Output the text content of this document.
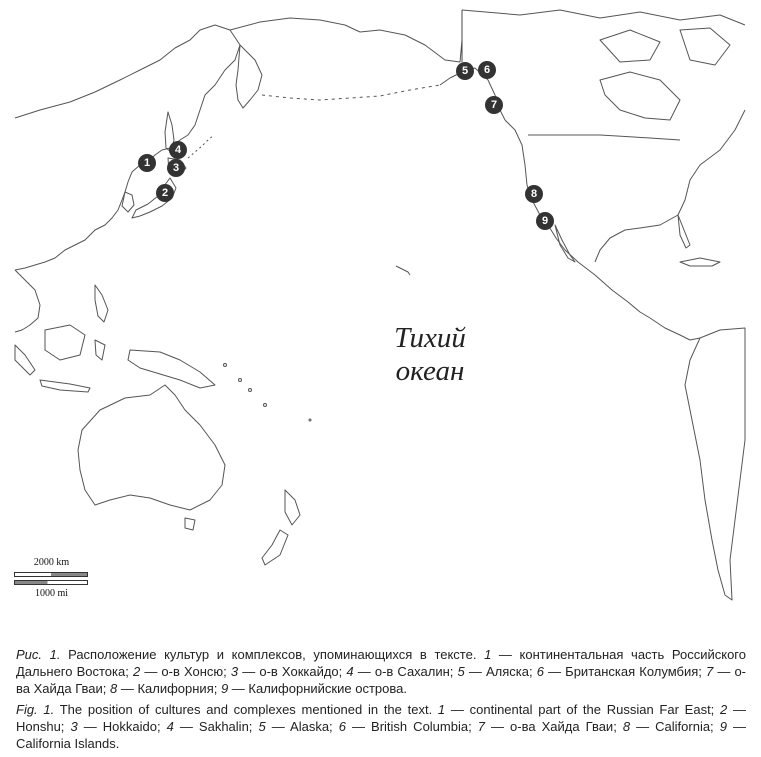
Тихий
океан
1
2
3
4
5	6
7
8
9
2000 km
1000 mi
Рис. 1. Расположение культур и комплексов, упоминающихся в тексте. 1 — континентальная часть Российского Дальнего Востока; 2 — о-в Хонсю; 3 — о-в Хоккайдо; 4 — о-в Сахалин; 5 — Аляска; 6 — Британская Колумбия; 7 — о-ва Хайда Гваи; 8 — Калифорния; 9 — Калифорнийские острова.
Fig. 1. The position of cultures and complexes mentioned in the text. 1 — continental part of the Russian Far East; 2 — Honshu; 3 — Hokkaido; 4 — Sakhalin; 5 — Alaska; 6 — British Columbia; 7 — о-ва Хайда Гваи; 8 — California; 9 — California Islands.
